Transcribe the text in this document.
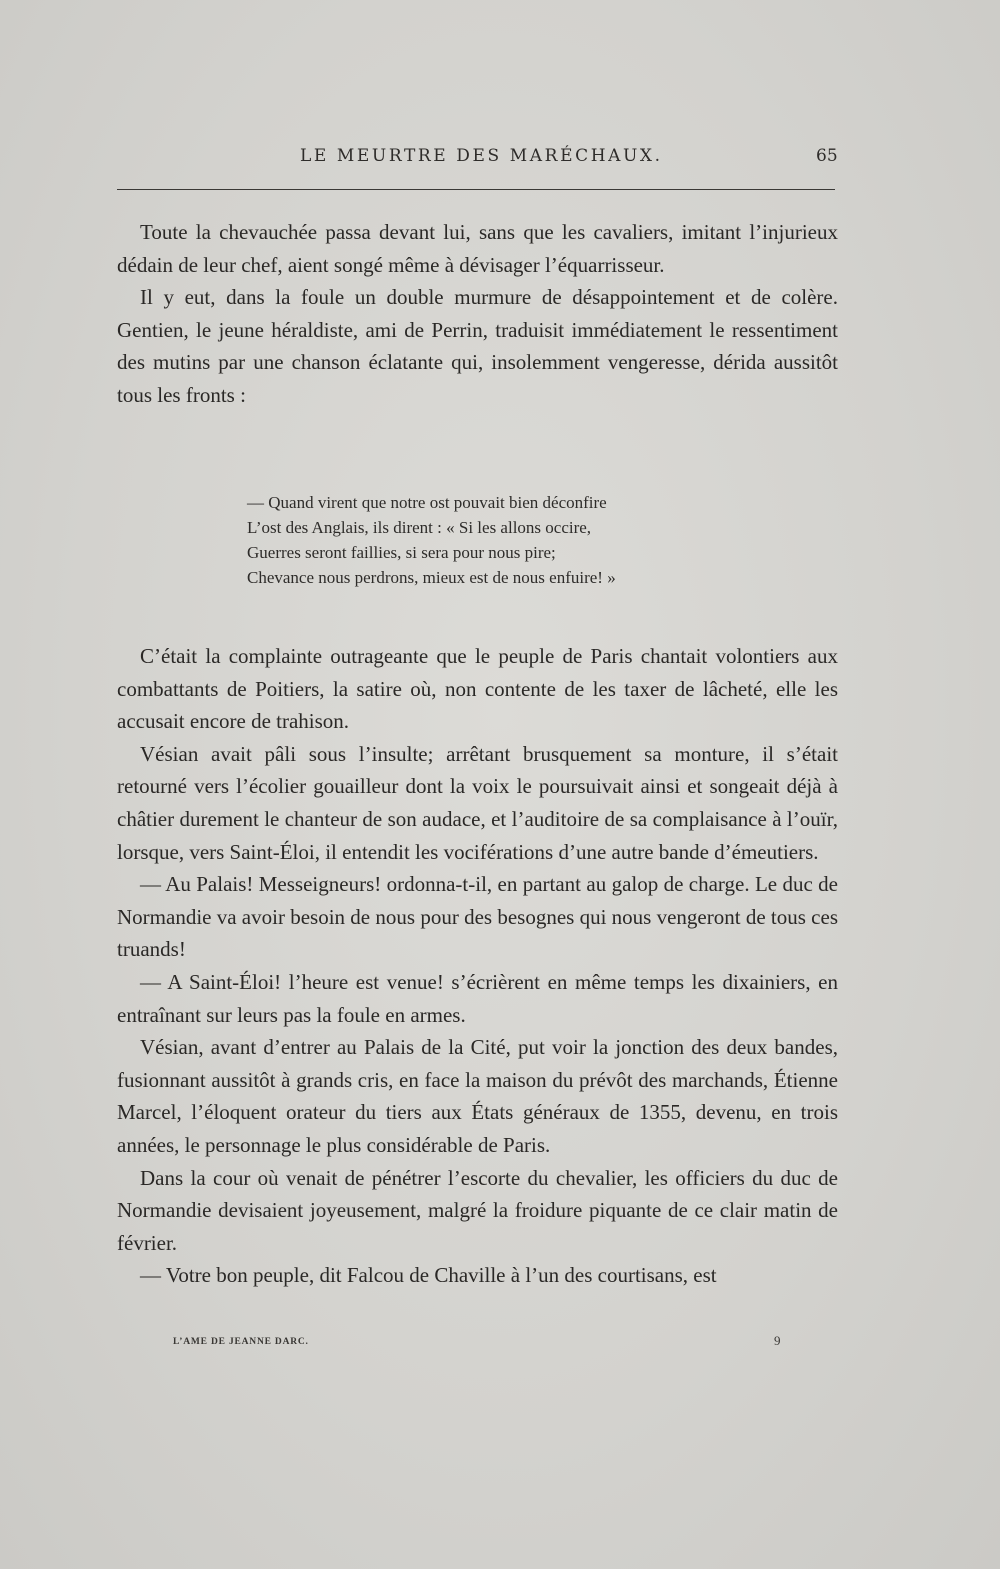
LE MEURTRE DES MARÉCHAUX.	65

Toute la chevauchée passa devant lui, sans que les cavaliers, imitant l’injurieux dédain de leur chef, aient songé même à dévisager l’équarrisseur.

Il y eut, dans la foule un double murmure de désappointement et de colère. Gentien, le jeune héraldiste, ami de Perrin, traduisit immédiatement le ressentiment des mutins par une chanson éclatante qui, insolemment vengeresse, dérida aussitôt tous les fronts :

— Quand virent que notre ost pouvait bien déconfire
L’ost des Anglais, ils dirent : « Si les allons occire,
Guerres seront faillies, si sera pour nous pire;
Chevance nous perdrons, mieux est de nous enfuire! »

C’était la complainte outrageante que le peuple de Paris chantait volontiers aux combattants de Poitiers, la satire où, non contente de les taxer de lâcheté, elle les accusait encore de trahison.

Vésian avait pâli sous l’insulte; arrêtant brusquement sa monture, il s’était retourné vers l’écolier gouailleur dont la voix le poursuivait ainsi et songeait déjà à châtier durement le chanteur de son audace, et l’auditoire de sa complaisance à l’ouïr, lorsque, vers Saint-Éloi, il entendit les vociférations d’une autre bande d’émeutiers.

— Au Palais! Messeigneurs! ordonna-t-il, en partant au galop de charge. Le duc de Normandie va avoir besoin de nous pour des besognes qui nous vengeront de tous ces truands!

— A Saint-Éloi! l’heure est venue! s’écrièrent en même temps les dixainiers, en entraînant sur leurs pas la foule en armes.

Vésian, avant d’entrer au Palais de la Cité, put voir la jonction des deux bandes, fusionnant aussitôt à grands cris, en face la maison du prévôt des marchands, Étienne Marcel, l’éloquent orateur du tiers aux États généraux de 1355, devenu, en trois années, le personnage le plus considérable de Paris.

Dans la cour où venait de pénétrer l’escorte du chevalier, les officiers du duc de Normandie devisaient joyeusement, malgré la froidure piquante de ce clair matin de février.

— Votre bon peuple, dit Falcou de Chaville à l’un des courtisans, est

L’AME DE JEANNE DARC.	9
